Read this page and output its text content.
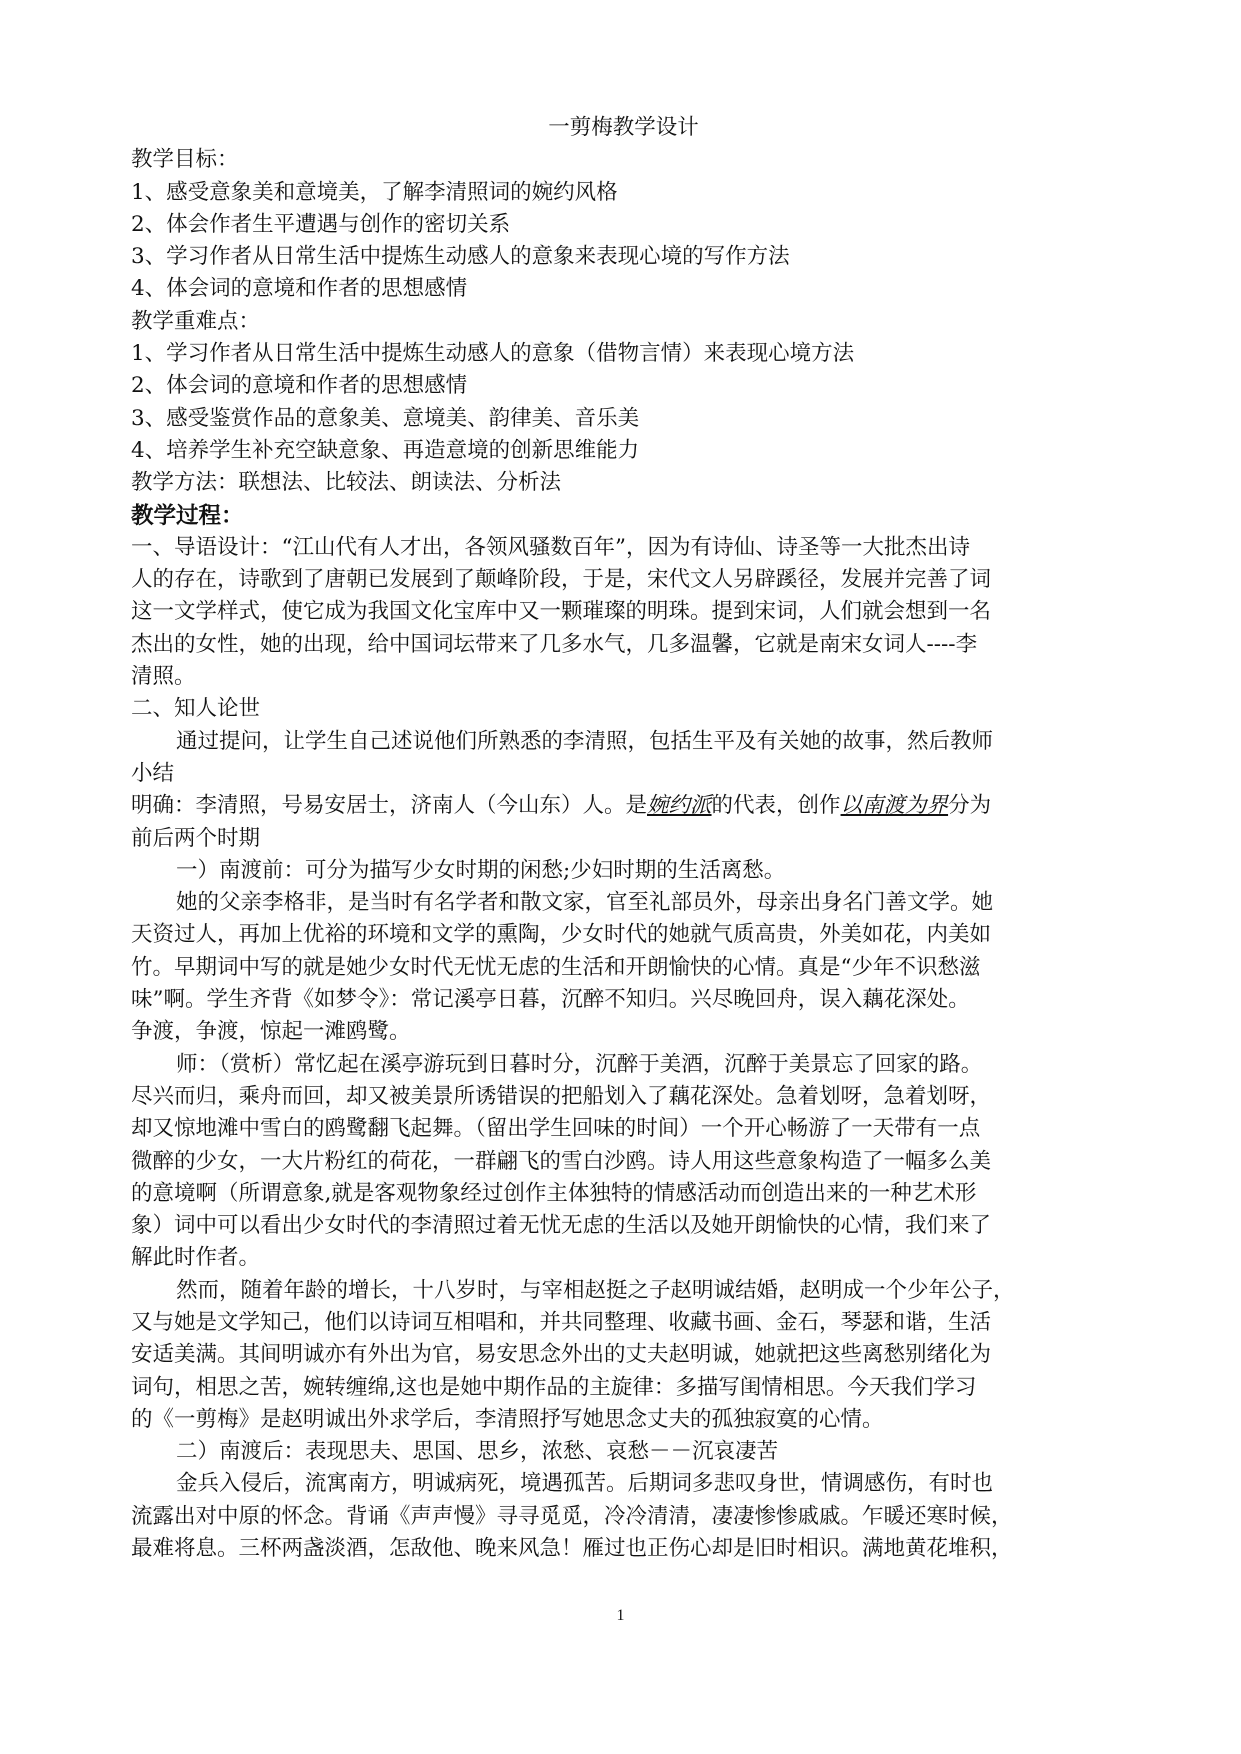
一剪梅教学设计
教学目标：
1、感受意象美和意境美，了解李清照词的婉约风格
2、体会作者生平遭遇与创作的密切关系
3、学习作者从日常生活中提炼生动感人的意象来表现心境的写作方法
4、体会词的意境和作者的思想感情
教学重难点：
1、学习作者从日常生活中提炼生动感人的意象（借物言情）来表现心境方法
2、体会词的意境和作者的思想感情
3、感受鉴赏作品的意象美、意境美、韵律美、音乐美
4、培养学生补充空缺意象、再造意境的创新思维能力
教学方法：联想法、比较法、朗读法、分析法
教学过程：
一、导语设计：“江山代有人才出，各领风骚数百年”，因为有诗仙、诗圣等一大批杰出诗
人的存在，诗歌到了唐朝已发展到了颠峰阶段，于是，宋代文人另辟蹊径，发展并完善了词
这一文学样式，使它成为我国文化宝库中又一颗璀璨的明珠。提到宋词，人们就会想到一名
杰出的女性，她的出现，给中国词坛带来了几多水气，几多温馨，它就是南宋女词人----李
清照。
二、知人论世
通过提问，让学生自己述说他们所熟悉的李清照，包括生平及有关她的故事，然后教师
小结
明确：李清照，号易安居士，济南人（今山东）人。是婉约派的代表，创作以南渡为界分为
前后两个时期
一）南渡前：可分为描写少女时期的闲愁;少妇时期的生活离愁。
她的父亲李格非，是当时有名学者和散文家，官至礼部员外，母亲出身名门善文学。她
天资过人，再加上优裕的环境和文学的熏陶，少女时代的她就气质高贵，外美如花，内美如
竹。早期词中写的就是她少女时代无忧无虑的生活和开朗愉快的心情。真是“少年不识愁滋
味”啊。学生齐背《如梦令》：常记溪亭日暮，沉醉不知归。兴尽晚回舟，误入藕花深处。
争渡，争渡，惊起一滩鸥鹭。
师：（赏析）常忆起在溪亭游玩到日暮时分，沉醉于美酒，沉醉于美景忘了回家的路。
尽兴而归，乘舟而回，却又被美景所诱错误的把船划入了藕花深处。急着划呀，急着划呀，
却又惊地滩中雪白的鸥鹭翻飞起舞。（留出学生回味的时间）一个开心畅游了一天带有一点
微醉的少女，一大片粉红的荷花，一群翩飞的雪白沙鸥。诗人用这些意象构造了一幅多么美
的意境啊（所谓意象,就是客观物象经过创作主体独特的情感活动而创造出来的一种艺术形
象）词中可以看出少女时代的李清照过着无忧无虑的生活以及她开朗愉快的心情，我们来了
解此时作者。
然而，随着年龄的增长，十八岁时，与宰相赵挺之子赵明诚结婚，赵明成一个少年公子，
又与她是文学知己，他们以诗词互相唱和，并共同整理、收藏书画、金石，琴瑟和谐，生活
安适美满。其间明诚亦有外出为官，易安思念外出的丈夫赵明诚，她就把这些离愁别绪化为
词句，相思之苦，婉转缠绵,这也是她中期作品的主旋律：多描写闺情相思。今天我们学习
的《一剪梅》是赵明诚出外求学后，李清照抒写她思念丈夫的孤独寂寞的心情。
二）南渡后：表现思夫、思国、思乡，浓愁、哀愁－－沉哀凄苦
金兵入侵后，流寓南方，明诚病死，境遇孤苦。后期词多悲叹身世，情调感伤，有时也
流露出对中原的怀念。背诵《声声慢》寻寻觅觅，冷冷清清，凄凄惨惨戚戚。乍暖还寒时候，
最难将息。三杯两盏淡酒，怎敌他、晚来风急！雁过也正伤心却是旧时相识。满地黄花堆积，
1
